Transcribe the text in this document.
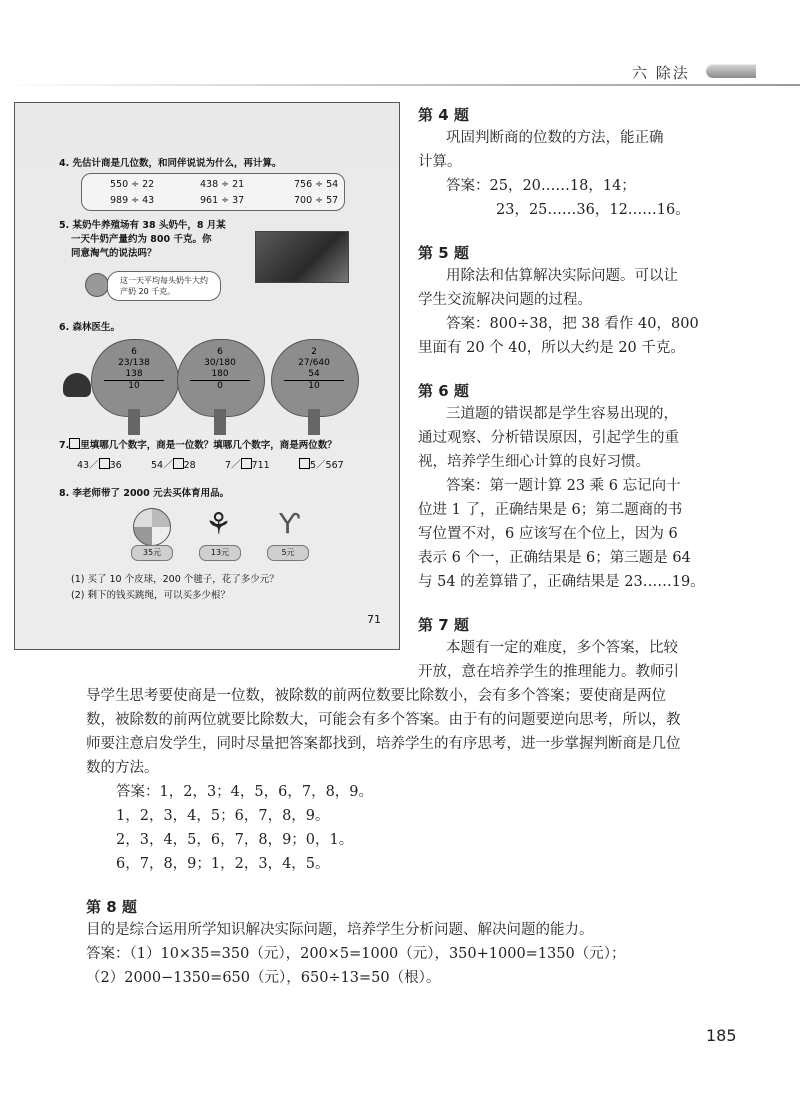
六 除法
4. 先估计商是几位数，和同伴说说为什么，再计算。
550 ÷ 22	438 ÷ 21	756 ÷ 54
989 ÷ 43	961 ÷ 37	700 ÷ 57
5. 某奶牛养殖场有 38 头奶牛，8 月某
一天牛奶产量约为 800 千克。你
同意淘气的说法吗？
这一天平均每头奶牛大约产奶 20 千克。
6. 森林医生。
6
23/138
138
10
6
30/180
180
0
2
27/640
54
10
7. 里填哪几个数字，商是一位数？填哪几个数字，商是两位数？
43／ 36	54／ 28	7／ 711	5／567
8. 李老师带了 2000 元去买体育用品。
⚘ Ƴ
35元	13元	5元
(1) 买了 10 个皮球，200 个毽子，花了多少元？
(2) 剩下的钱买跳绳，可以买多少根？
71
第 4 题
巩固判断商的位数的方法，能正确
计算。
答案：25，20……18，14；
23，25……36，12……16。
第 5 题
用除法和估算解决实际问题。可以让
学生交流解决问题的过程。
答案：800÷38，把 38 看作 40，800
里面有 20 个 40，所以大约是 20 千克。
第 6 题
三道题的错误都是学生容易出现的，
通过观察、分析错误原因，引起学生的重
视，培养学生细心计算的良好习惯。
答案：第一题计算 23 乘 6 忘记向十
位进 1 了，正确结果是 6；第二题商的书
写位置不对，6 应该写在个位上，因为 6
表示 6 个一，正确结果是 6；第三题是 64
与 54 的差算错了，正确结果是 23……19。
第 7 题
本题有一定的难度，多个答案，比较
开放，意在培养学生的推理能力。教师引
导学生思考要使商是一位数，被除数的前两位数要比除数小，会有多个答案；要使商是两位
数，被除数的前两位就要比除数大，可能会有多个答案。由于有的问题要逆向思考，所以，教
师要注意启发学生，同时尽量把答案都找到，培养学生的有序思考，进一步掌握判断商是几位
数的方法。
答案：1，2，3；4，5，6，7，8，9。
1，2，3，4，5；6，7，8，9。
2，3，4，5，6，7，8，9；0，1。
6，7，8，9；1，2，3，4，5。
第 8 题
目的是综合运用所学知识解决实际问题，培养学生分析问题、解决问题的能力。
答案：（1）10×35=350（元），200×5=1000（元），350+1000=1350（元）；
（2）2000−1350=650（元），650÷13=50（根）。
185
